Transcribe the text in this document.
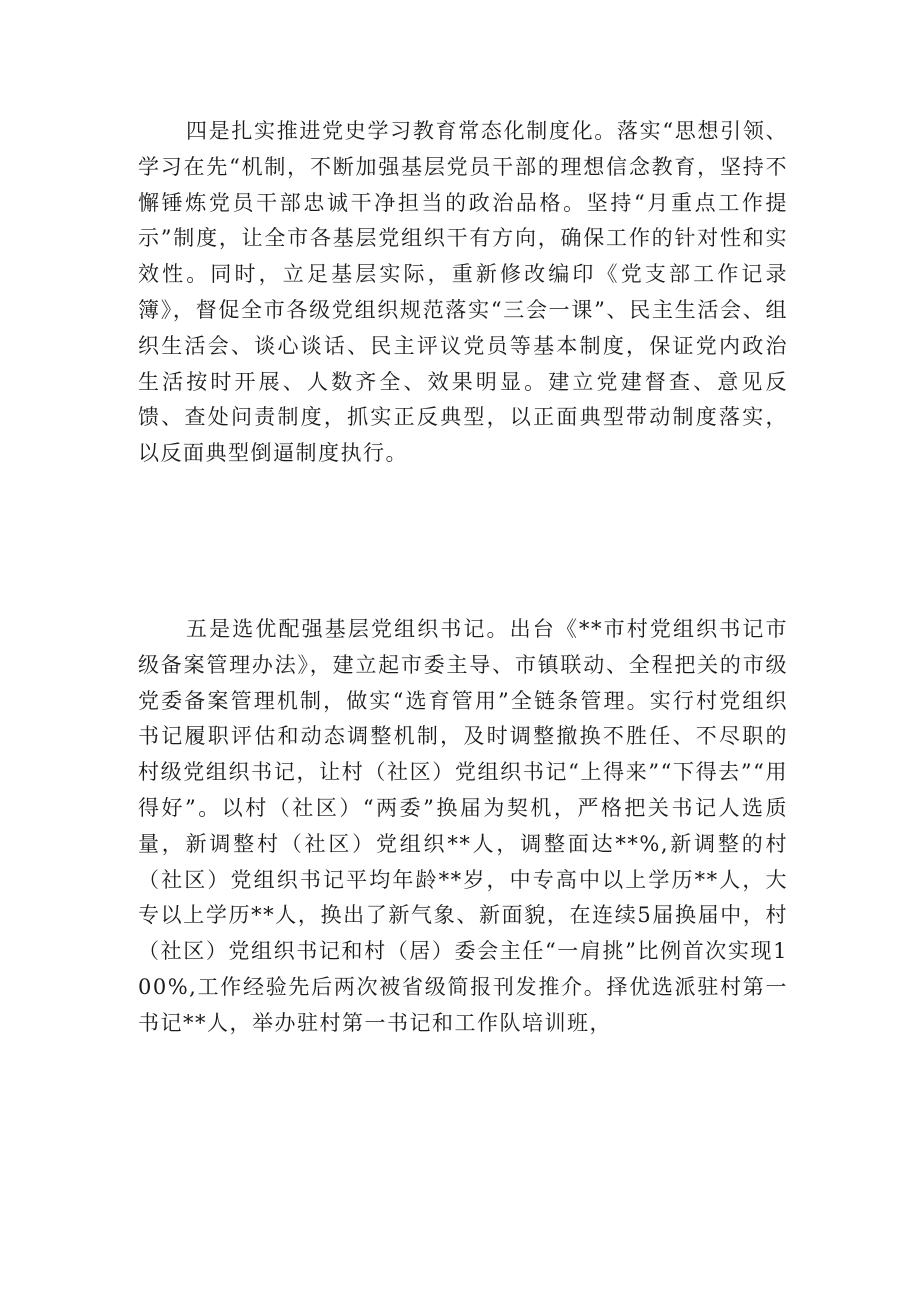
四是扎实推进党史学习教育常态化制度化。落实“思想引领、学习在先“机制，不断加强基层党员干部的理想信念教育，坚持不懈锤炼党员干部忠诚干净担当的政治品格。坚持“月重点工作提示”制度，让全市各基层党组织干有方向，确保工作的针对性和实效性。同时，立足基层实际，重新修改编印《党支部工作记录簿》，督促全市各级党组织规范落实“三会一课”、民主生活会、组织生活会、谈心谈话、民主评议党员等基本制度，保证党内政治生活按时开展、人数齐全、效果明显。建立党建督查、意见反馈、查处问责制度，抓实正反典型，以正面典型带动制度落实，以反面典型倒逼制度执行。

五是选优配强基层党组织书记。出台《**市村党组织书记市级备案管理办法》，建立起市委主导、市镇联动、全程把关的市级党委备案管理机制，做实“选育管用”全链条管理。实行村党组织书记履职评估和动态调整机制，及时调整撤换不胜任、不尽职的村级党组织书记，让村（社区）党组织书记“上得来”“下得去”“用得好”。以村（社区）“两委”换届为契机，严格把关书记人选质量，新调整村（社区）党组织**人，调整面达**%,新调整的村（社区）党组织书记平均年龄**岁，中专高中以上学历**人，大专以上学历**人，换出了新气象、新面貌，在连续5届换届中，村（社区）党组织书记和村（居）委会主任“一肩挑”比例首次实现100%,工作经验先后两次被省级简报刊发推介。择优选派驻村第一书记**人，举办驻村第一书记和工作队培训班，
